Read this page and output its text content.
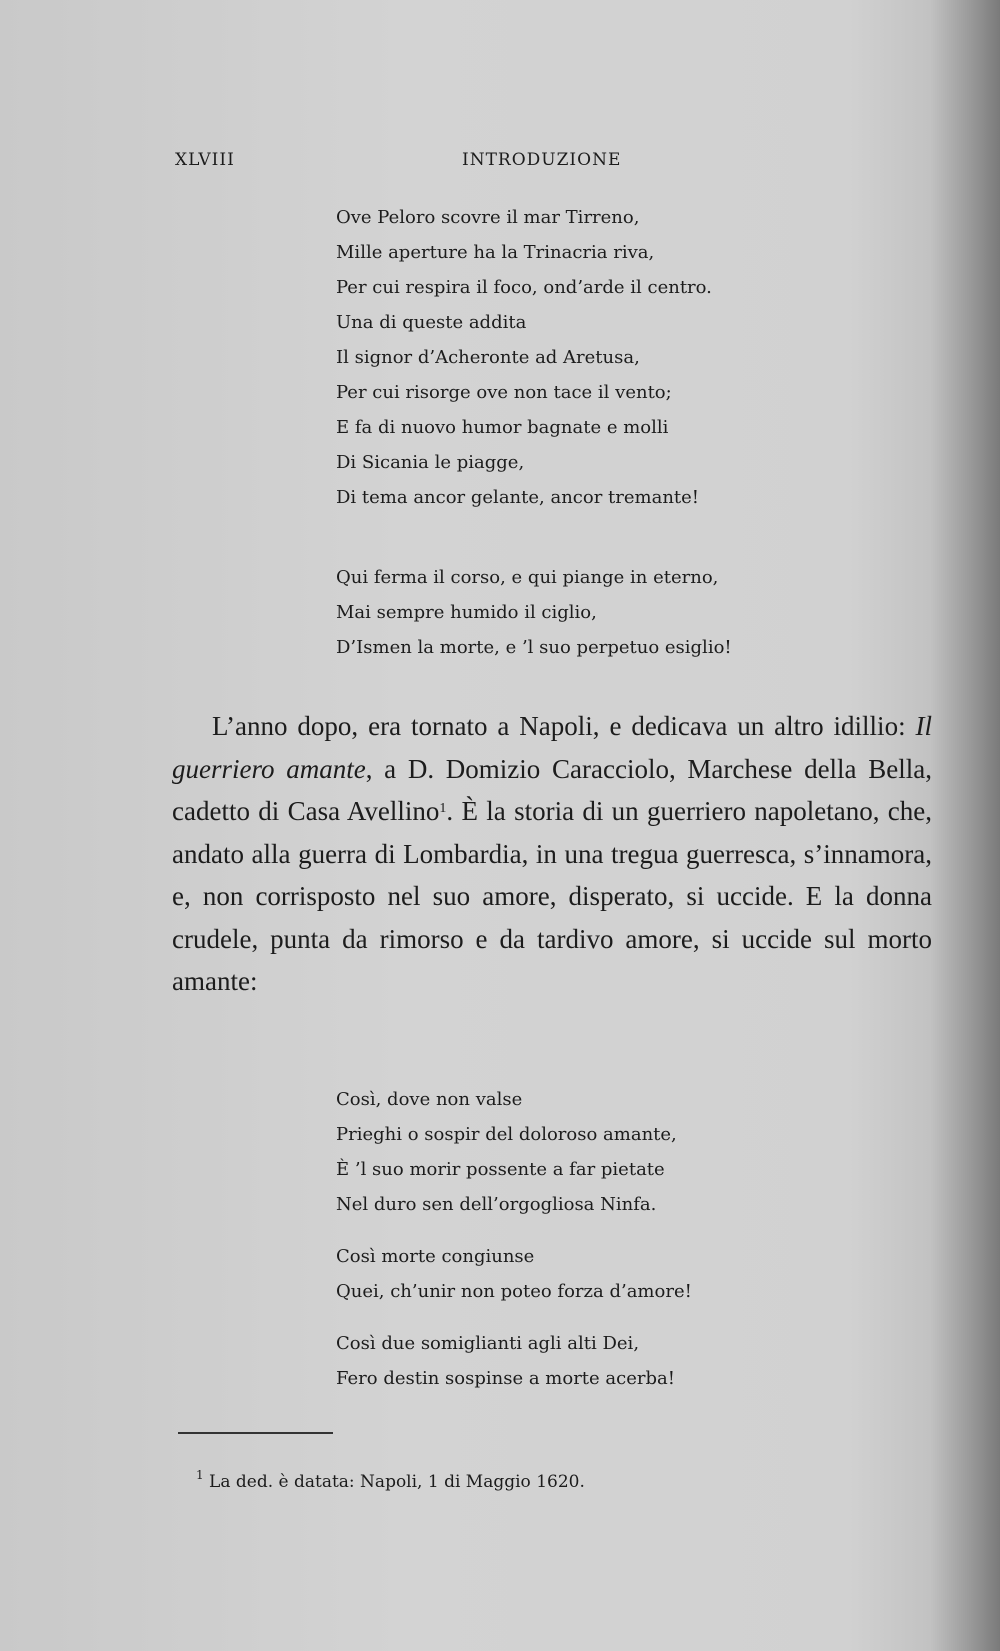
XLVIII	INTRODUZIONE
Ove Peloro scovre il mar Tirreno,
Mille aperture ha la Trinacria riva,
Per cui respira il foco, ond’arde il centro.
Una di queste addita
Il signor d’Acheronte ad Aretusa,
Per cui risorge ove non tace il vento;
E fa di nuovo humor bagnate e molli
Di Sicania le piagge,
Di tema ancor gelante, ancor tremante!
Qui ferma il corso, e qui piange in eterno,
Mai sempre humido il ciglio,
D’Ismen la morte, e ’l suo perpetuo esiglio!
L’anno dopo, era tornato a Napoli, e dedicava un altro idillio: Il guerriero amante, a D. Domizio Caracciolo, Marchese della Bella, cadetto di Casa Avellino$^1$. È la storia di un guerriero napoletano, che, andato alla guerra di Lombardia, in una tregua guerresca, s’innamora, e, non corrisposto nel suo amore, disperato, si uccide. E la donna crudele, punta da rimorso e da tardivo amore, si uccide sul morto amante:
Così, dove non valse
Prieghi o sospir del doloroso amante,
È ’l suo morir possente a far pietate
Nel duro sen dell’orgogliosa Ninfa.
Così morte congiunse
Quei, ch’unir non poteo forza d’amore!
Così due somiglianti agli alti Dei,
Fero destin sospinse a morte acerba!
$^1$ La ded. è datata: Napoli, 1 di Maggio 1620.
